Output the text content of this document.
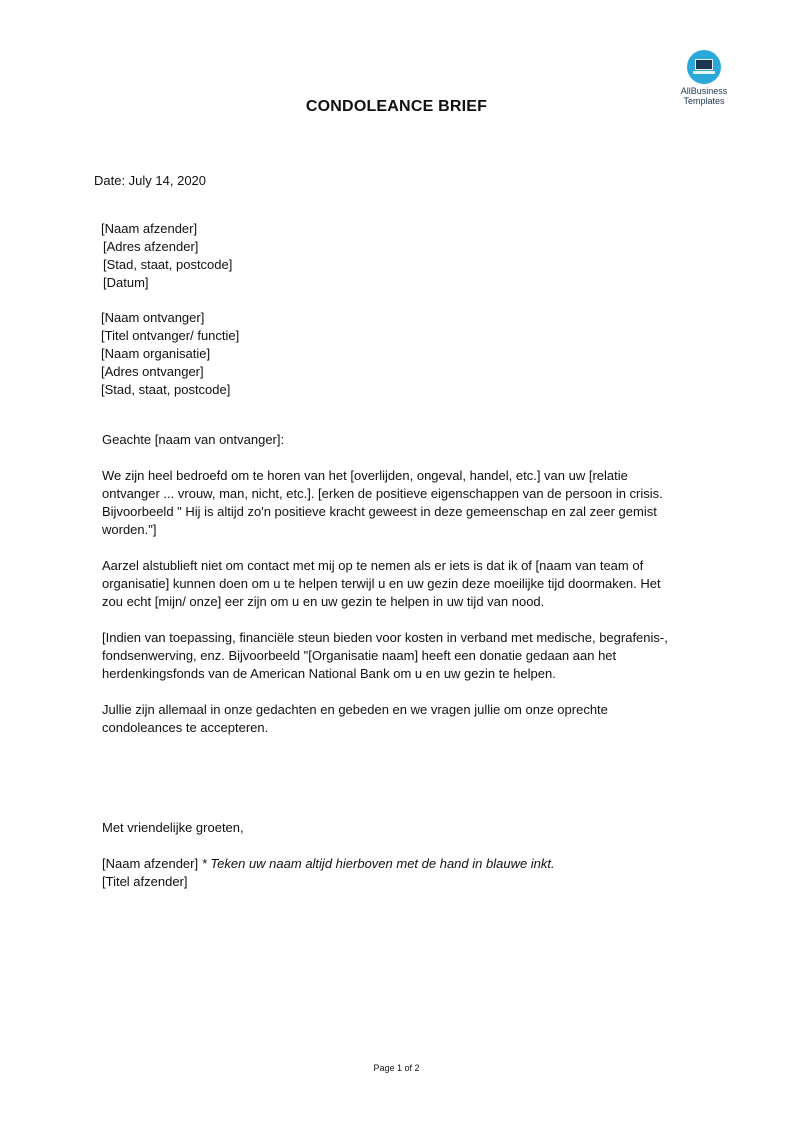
AllBusiness
Templates
CONDOLEANCE BRIEF
Date: July 14, 2020
[Naam afzender]
[Adres afzender]
[Stad, staat, postcode]
[Datum]
[Naam ontvanger]
[Titel ontvanger/ functie]
[Naam organisatie]
[Adres ontvanger]
[Stad, staat, postcode]
Geachte [naam van ontvanger]:
We zijn heel bedroefd om te horen van het [overlijden, ongeval, handel, etc.] van uw [relatie
ontvanger ... vrouw, man, nicht, etc.]. [erken de positieve eigenschappen van de persoon in crisis.
Bijvoorbeeld " Hij is altijd zo'n positieve kracht geweest in deze gemeenschap en zal zeer gemist
worden."]
Aarzel alstublieft niet om contact met mij op te nemen als er iets is dat ik of [naam van team of
organisatie] kunnen doen om u te helpen terwijl u en uw gezin deze moeilijke tijd doormaken. Het
zou echt [mijn/ onze] eer zijn om u en uw gezin te helpen in uw tijd van nood.
[Indien van toepassing, financiële steun bieden voor kosten in verband met medische, begrafenis-,
fondsenwerving, enz. Bijvoorbeeld "[Organisatie naam] heeft een donatie gedaan aan het
herdenkingsfonds van de American National Bank om u en uw gezin te helpen.
Jullie zijn allemaal in onze gedachten en gebeden en we vragen jullie om onze oprechte
condoleances te accepteren.
Met vriendelijke groeten,
[Naam afzender] * Teken uw naam altijd hierboven met de hand in blauwe inkt.
[Titel afzender]
Page 1 of 2
